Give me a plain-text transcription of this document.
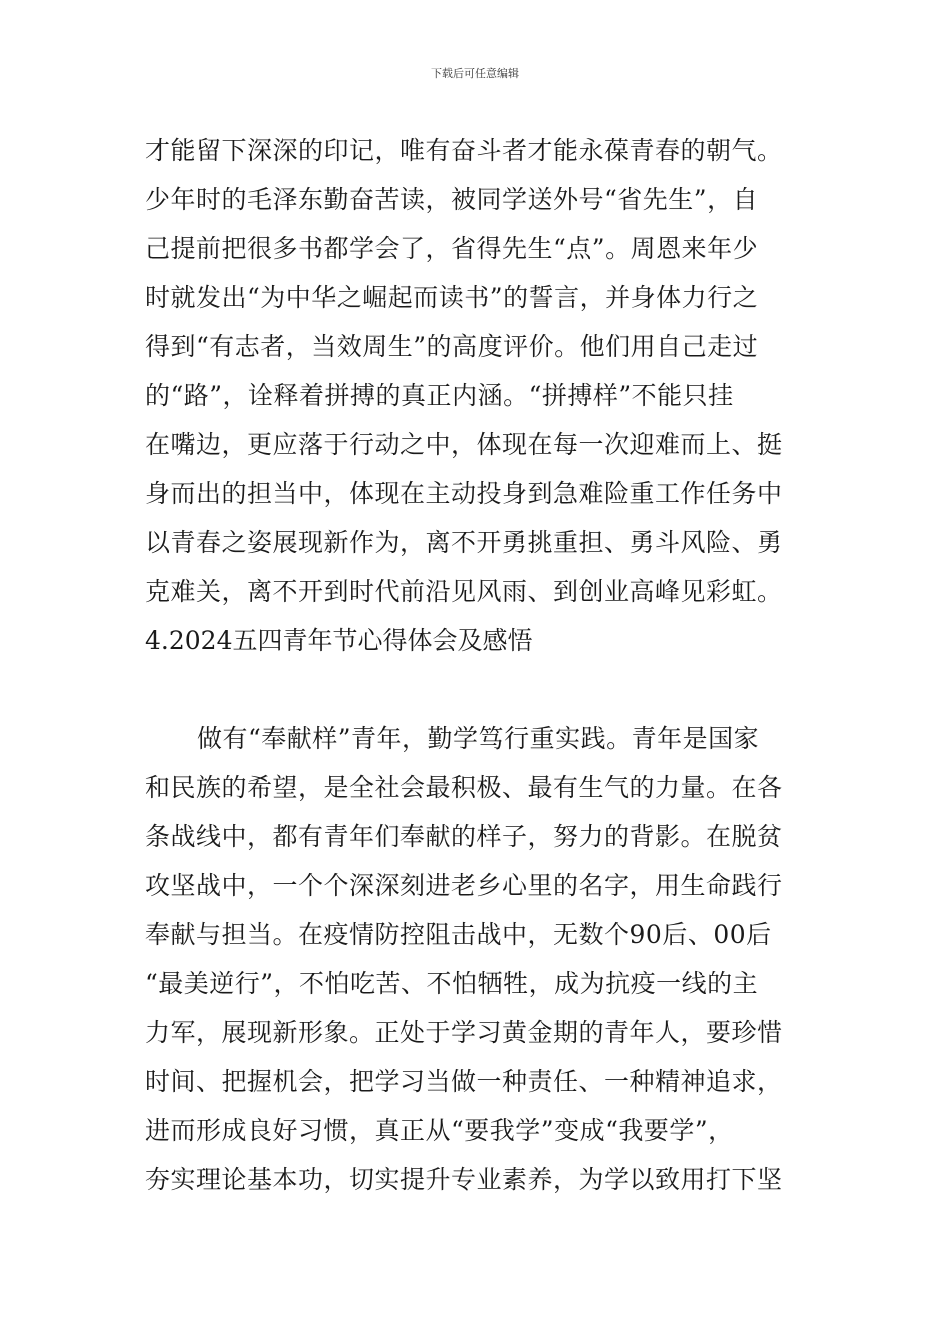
下载后可任意编辑
才能留下深深的印记，唯有奋斗者才能永葆青春的朝气。
少年时的毛泽东勤奋苦读，被同学送外号“省先生”，自
己提前把很多书都学会了，省得先生“点”。周恩来年少
时就发出“为中华之崛起而读书”的誓言，并身体力行之
得到“有志者，当效周生”的高度评价。他们用自己走过
的“路”，诠释着拼搏的真正内涵。“拼搏样”不能只挂
在嘴边，更应落于行动之中，体现在每一次迎难而上、挺
身而出的担当中，体现在主动投身到急难险重工作任务中
以青春之姿展现新作为，离不开勇挑重担、勇斗风险、勇
克难关，离不开到时代前沿见风雨、到创业高峰见彩虹。
4.2024五四青年节心得体会及感悟
做有“奉献样”青年，勤学笃行重实践。青年是国家
和民族的希望，是全社会最积极、最有生气的力量。在各
条战线中，都有青年们奉献的样子，努力的背影。在脱贫
攻坚战中，一个个深深刻进老乡心里的名字，用生命践行
奉献与担当。在疫情防控阻击战中，无数个90后、00后
“最美逆行”，不怕吃苦、不怕牺牲，成为抗疫一线的主
力军，展现新形象。正处于学习黄金期的青年人，要珍惜
时间、把握机会，把学习当做一种责任、一种精神追求，
进而形成良好习惯，真正从“要我学”变成“我要学”，
夯实理论基本功，切实提升专业素养，为学以致用打下坚
